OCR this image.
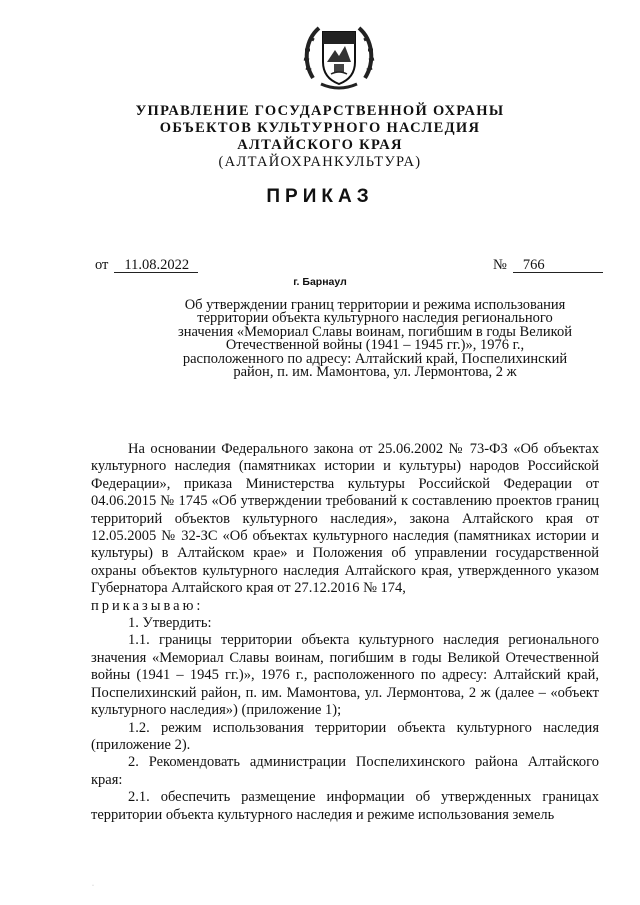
УПРАВЛЕНИЕ ГОСУДАРСТВЕННОЙ ОХРАНЫ
ОБЪЕКТОВ КУЛЬТУРНОГО НАСЛЕДИЯ
АЛТАЙСКОГО КРАЯ
(АЛТАЙОХРАНКУЛЬТУРА)
ПРИКАЗ
от 11.08.2022	№ 766
г. Барнаул
Об утверждении границ территории и режима использования
территории объекта культурного наследия регионального
значения «Мемориал Славы воинам, погибшим в годы Великой
Отечественной войны (1941 – 1945 гг.)», 1976 г.,
расположенного по адресу: Алтайский край, Поспелихинский
район, п. им. Мамонтова, ул. Лермонтова, 2 ж

На основании Федерального закона от 25.06.2002 № 73-ФЗ «Об объектах культурного наследия (памятниках истории и культуры) народов Российской Федерации», приказа Министерства культуры Российской Федерации от 04.06.2015 № 1745 «Об утверждении требований к составлению проектов границ территорий объектов культурного наследия», закона Алтайского края от 12.05.2005 № 32-ЗС «Об объектах культурного наследия (памятниках истории и культуры) в Алтайском крае» и Положения об управлении государственной охраны объектов культурного наследия Алтайского края, утвержденного указом Губернатора Алтайского края от 27.12.2016 № 174,

приказываю:

1. Утвердить:

1.1. границы территории объекта культурного наследия регионального значения «Мемориал Славы воинам, погибшим в годы Великой Отечественной войны (1941 – 1945 гг.)», 1976 г., расположенного по адресу: Алтайский край, Поспелихинский район, п. им. Мамонтова, ул. Лермонтова, 2 ж (далее – «объект культурного наследия») (приложение 1);

1.2. режим использования территории объекта культурного наследия (приложение 2).

2. Рекомендовать администрации Поспелихинского района Алтайского края:

2.1. обеспечить размещение информации об утвержденных границах территории объекта культурного наследия и режиме использования земель

·
